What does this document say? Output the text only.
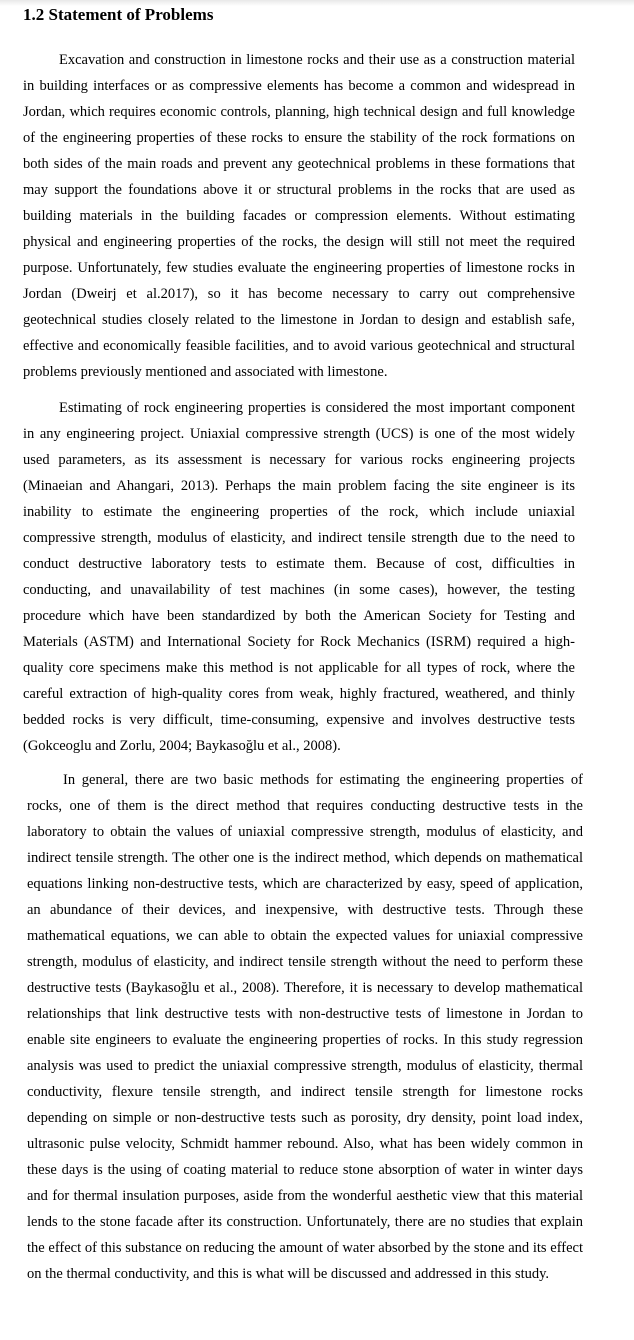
1.2 Statement of Problems

Excavation and construction in limestone rocks and their use as a construction material in building interfaces or as compressive elements has become a common and widespread in Jordan, which requires economic controls, planning, high technical design and full knowledge of the engineering properties of these rocks to ensure the stability of the rock formations on both sides of the main roads and prevent any geotechnical problems in these formations that may support the foundations above it or structural problems in the rocks that are used as building materials in the building facades or compression elements. Without estimating physical and engineering properties of the rocks, the design will still not meet the required purpose. Unfortunately, few studies evaluate the engineering properties of limestone rocks in Jordan (Dweirj et al.2017), so it has become necessary to carry out comprehensive geotechnical studies closely related to the limestone in Jordan to design and establish safe, effective and economically feasible facilities, and to avoid various geotechnical and structural problems previously mentioned and associated with limestone.

Estimating of rock engineering properties is considered the most important component in any engineering project. Uniaxial compressive strength (UCS) is one of the most widely used parameters, as its assessment is necessary for various rocks engineering projects (Minaeian and Ahangari, 2013). Perhaps the main problem facing the site engineer is its inability to estimate the engineering properties of the rock, which include uniaxial compressive strength, modulus of elasticity, and indirect tensile strength due to the need to conduct destructive laboratory tests to estimate them. Because of cost, difficulties in conducting, and unavailability of test machines (in some cases), however, the testing procedure which have been standardized by both the American Society for Testing and Materials (ASTM) and International Society for Rock Mechanics (ISRM) required a high-quality core specimens make this method is not applicable for all types of rock, where the careful extraction of high-quality cores from weak, highly fractured, weathered, and thinly bedded rocks is very difficult, time-consuming, expensive and involves destructive tests (Gokceoglu and Zorlu, 2004; Baykasoğlu et al., 2008).

In general, there are two basic methods for estimating the engineering properties of rocks, one of them is the direct method that requires conducting destructive tests in the laboratory to obtain the values of uniaxial compressive strength, modulus of elasticity, and indirect tensile strength. The other one is the indirect method, which depends on mathematical equations linking non-destructive tests, which are characterized by easy, speed of application, an abundance of their devices, and inexpensive, with destructive tests. Through these mathematical equations, we can able to obtain the expected values for uniaxial compressive strength, modulus of elasticity, and indirect tensile strength without the need to perform these destructive tests (Baykasoğlu et al., 2008). Therefore, it is necessary to develop mathematical relationships that link destructive tests with non-destructive tests of limestone in Jordan to enable site engineers to evaluate the engineering properties of rocks. In this study regression analysis was used to predict the uniaxial compressive strength, modulus of elasticity, thermal conductivity, flexure tensile strength, and indirect tensile strength for limestone rocks depending on simple or non-destructive tests such as porosity, dry density, point load index, ultrasonic pulse velocity, Schmidt hammer rebound. Also, what has been widely common in these days is the using of coating material to reduce stone absorption of water in winter days and for thermal insulation purposes, aside from the wonderful aesthetic view that this material lends to the stone facade after its construction. Unfortunately, there are no studies that explain the effect of this substance on reducing the amount of water absorbed by the stone and its effect on the thermal conductivity, and this is what will be discussed and addressed in this study.
